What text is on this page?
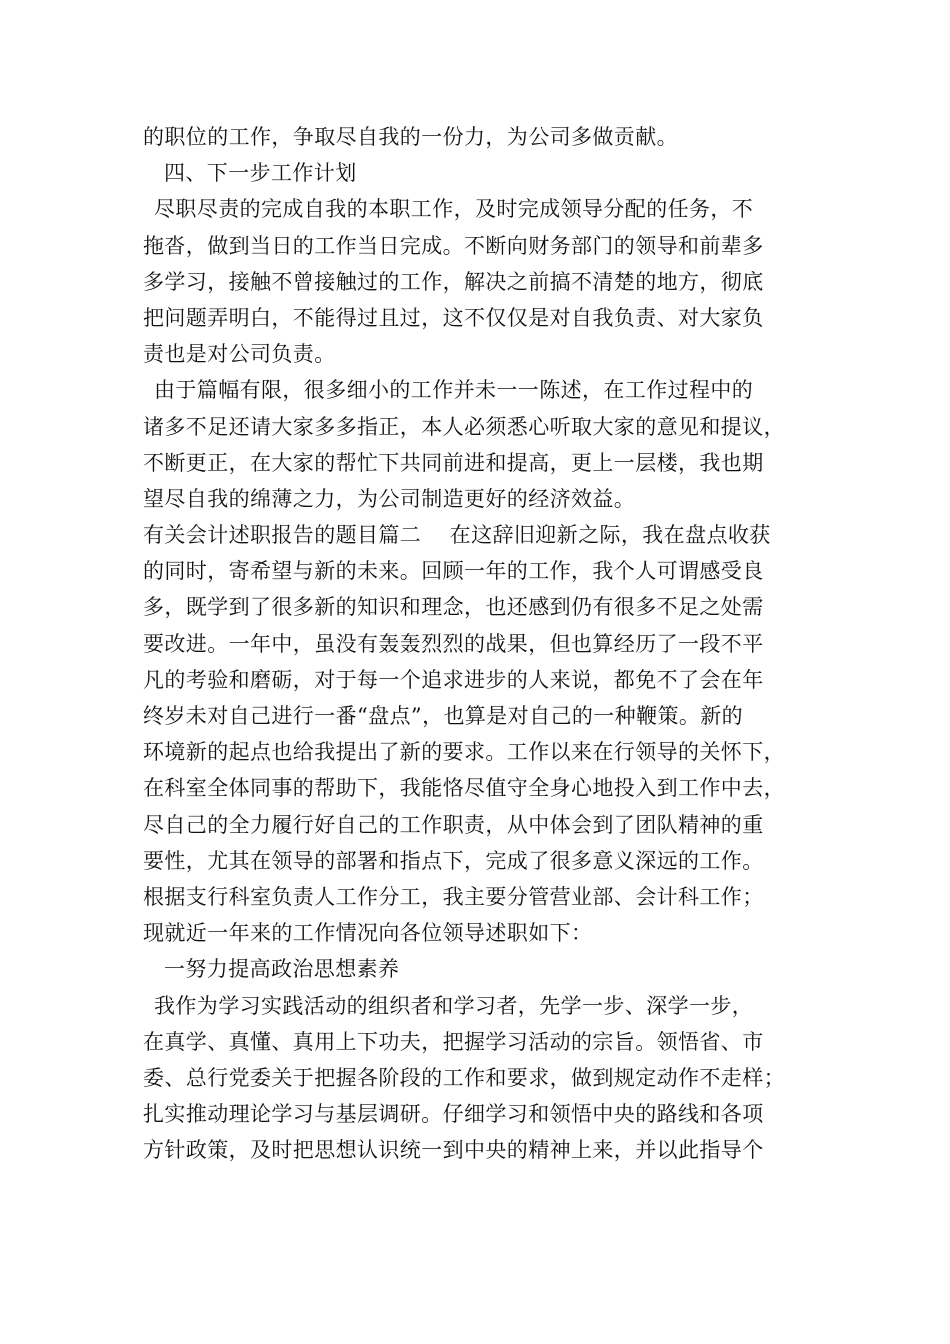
的职位的工作，争取尽自我的一份力，为公司多做贡献。
四、下一步工作计划
尽职尽责的完成自我的本职工作，及时完成领导分配的任务，不
拖沓，做到当日的工作当日完成。不断向财务部门的领导和前辈多
多学习，接触不曾接触过的工作，解决之前搞不清楚的地方，彻底
把问题弄明白，不能得过且过，这不仅仅是对自我负责、对大家负
责也是对公司负责。
由于篇幅有限，很多细小的工作并未一一陈述，在工作过程中的
诸多不足还请大家多多指正，本人必须悉心听取大家的意见和提议，
不断更正，在大家的帮忙下共同前进和提高，更上一层楼，我也期
望尽自我的绵薄之力，为公司制造更好的经济效益。
有关会计述职报告的题目篇二　 在这辞旧迎新之际，我在盘点收获
的同时，寄希望与新的未来。回顾一年的工作，我个人可谓感受良
多，既学到了很多新的知识和理念，也还感到仍有很多不足之处需
要改进。一年中，虽没有轰轰烈烈的战果，但也算经历了一段不平
凡的考验和磨砺，对于每一个追求进步的人来说，都免不了会在年
终岁未对自己进行一番“盘点”，也算是对自己的一种鞭策。新的
环境新的起点也给我提出了新的要求。工作以来在行领导的关怀下，
在科室全体同事的帮助下，我能恪尽值守全身心地投入到工作中去，
尽自己的全力履行好自己的工作职责，从中体会到了团队精神的重
要性，尤其在领导的部署和指点下，完成了很多意义深远的工作。
根据支行科室负责人工作分工，我主要分管营业部、会计科工作；
现就近一年来的工作情况向各位领导述职如下：
一努力提高政治思想素养
我作为学习实践活动的组织者和学习者，先学一步、深学一步，
在真学、真懂、真用上下功夫，把握学习活动的宗旨。领悟省、市
委、总行党委关于把握各阶段的工作和要求，做到规定动作不走样；
扎实推动理论学习与基层调研。仔细学习和领悟中央的路线和各项
方针政策，及时把思想认识统一到中央的精神上来，并以此指导个
